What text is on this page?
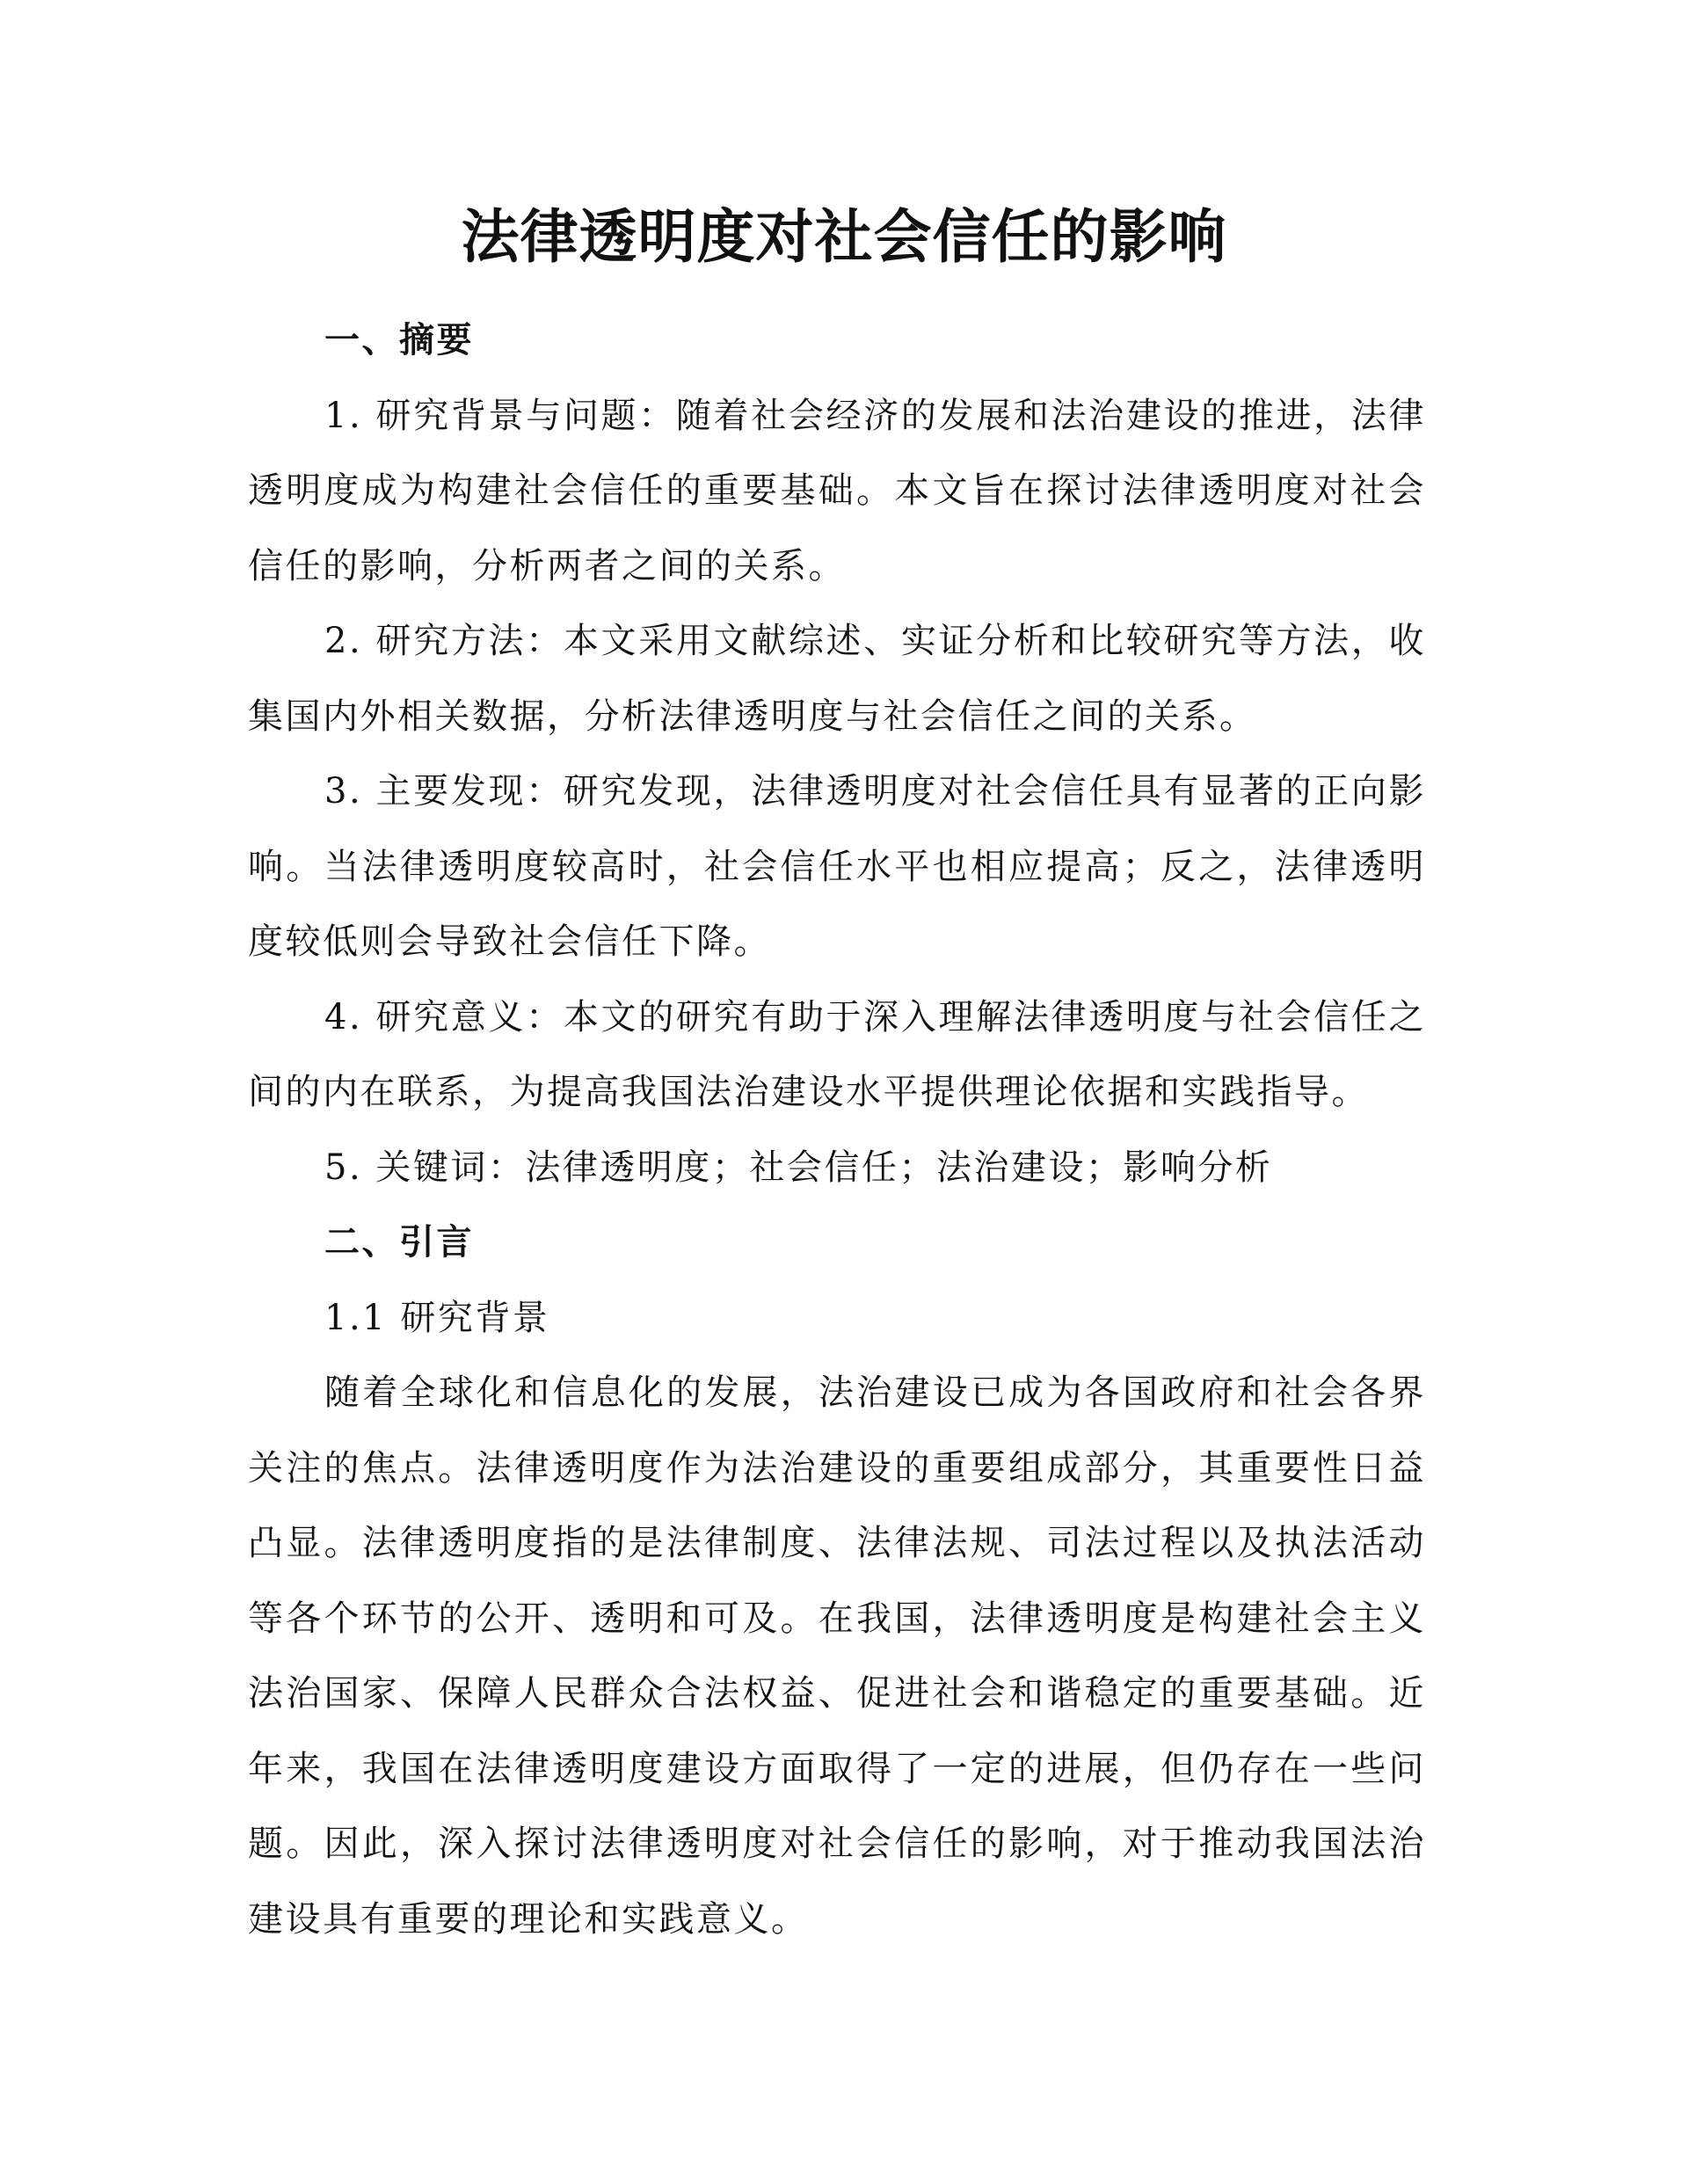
法律透明度对社会信任的影响

一、摘要

1. 研究背景与问题：随着社会经济的发展和法治建设的推进，法律透明度成为构建社会信任的重要基础。本文旨在探讨法律透明度对社会信任的影响，分析两者之间的关系。

2. 研究方法：本文采用文献综述、实证分析和比较研究等方法，收集国内外相关数据，分析法律透明度与社会信任之间的关系。

3. 主要发现：研究发现，法律透明度对社会信任具有显著的正向影响。当法律透明度较高时，社会信任水平也相应提高；反之，法律透明度较低则会导致社会信任下降。

4. 研究意义：本文的研究有助于深入理解法律透明度与社会信任之间的内在联系，为提高我国法治建设水平提供理论依据和实践指导。

5. 关键词：法律透明度；社会信任；法治建设；影响分析

二、引言

1.1 研究背景

随着全球化和信息化的发展，法治建设已成为各国政府和社会各界关注的焦点。法律透明度作为法治建设的重要组成部分，其重要性日益凸显。法律透明度指的是法律制度、法律法规、司法过程以及执法活动等各个环节的公开、透明和可及。在我国，法律透明度是构建社会主义法治国家、保障人民群众合法权益、促进社会和谐稳定的重要基础。近年来，我国在法律透明度建设方面取得了一定的进展，但仍存在一些问题。因此，深入探讨法律透明度对社会信任的影响，对于推动我国法治建设具有重要的理论和实践意义。
